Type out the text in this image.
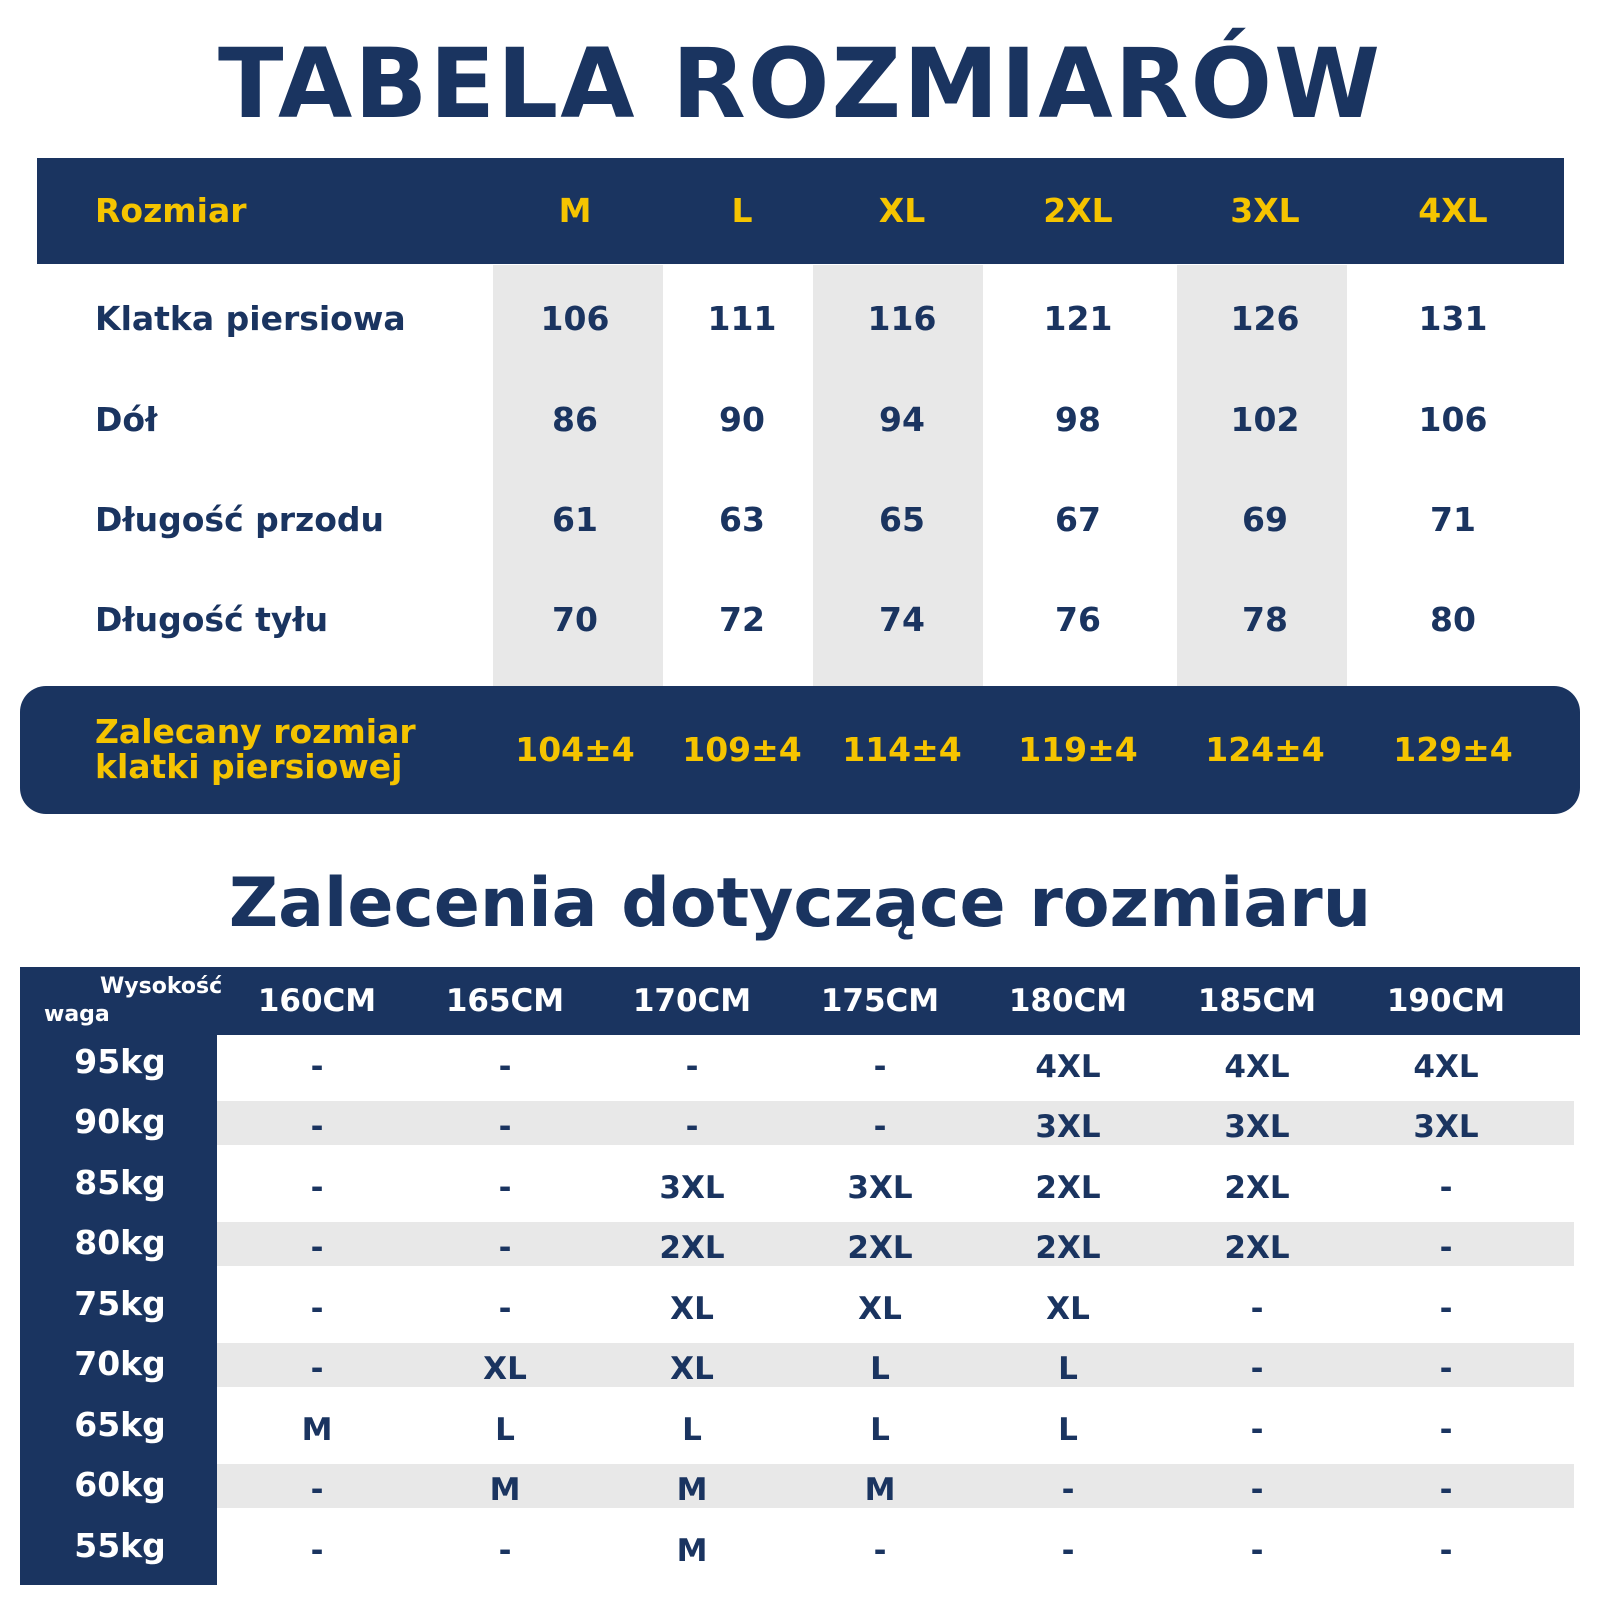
TABELA ROZMIARÓW
Rozmiar	M	L	XL	2XL	3XL	4XL
Klatka piersiowa	106	111	116	121	126	131
Dół	86	90	94	98	102	106
Długość przodu	61	63	65	67	69	71
Długość tyłu	70	72	74	76	78	80
Zalecany rozmiar
klatki piersiowej	104±4	109±4	114±4	119±4	124±4	129±4
Zalecenia dotyczące rozmiaru
Wysokość
waga	160CM	165CM	170CM	175CM	180CM	185CM	190CM
95kg	-	-	-	-	4XL	4XL	4XL
90kg	-	-	-	-	3XL	3XL	3XL
85kg	-	-	3XL	3XL	2XL	2XL	-
80kg	-	-	2XL	2XL	2XL	2XL	-
75kg	-	-	XL	XL	XL	-	-
70kg	-	XL	XL	L	L	-	-
65kg	M	L	L	L	L	-	-
60kg	-	M	M	M	-	-	-
55kg	-	-	M	-	-	-	-
